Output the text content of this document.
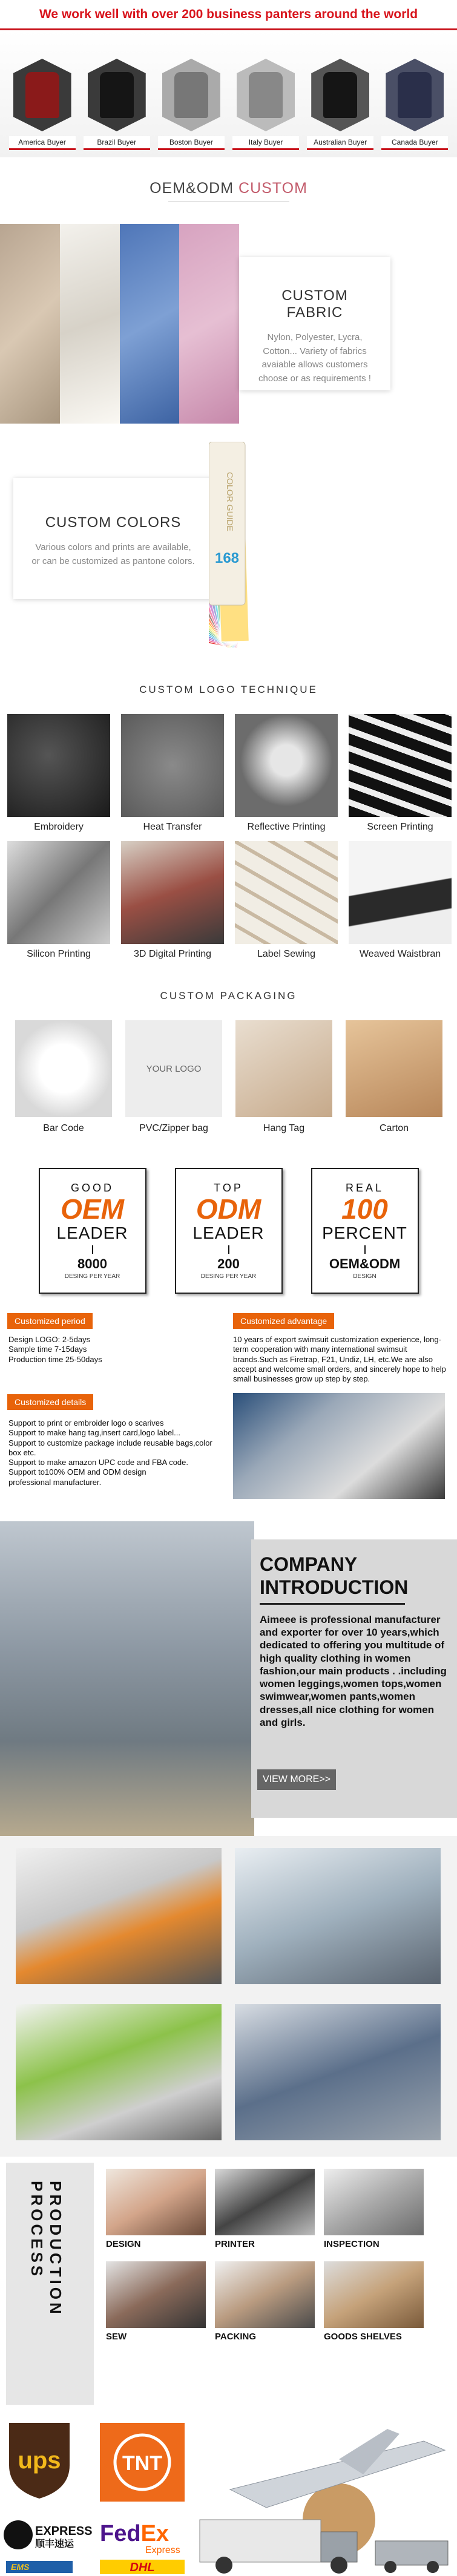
We work well with over 200 business panters around the world
America Buyer	Brazil Buyer	Boston Buyer	Italy Buyer	Australian Buyer	Canada Buyer
OEM&ODM CUSTOM
CUSTOM FABRIC

Nylon, Polyester, Lycra, Cotton... Variety of fabrics avaiable allows customers choose or as requirements !

CUSTOM COLORS

Various colors and prints are available, or can be customized as pantone colors.

COLOR GUIDE
168
CUSTOM LOGO TECHNIQUE
Embroidery	Heat Transfer	Reflective Printing	Screen Printing
Silicon Printing	3D Digital Printing	Label Sewing	Weaved Waistbran
CUSTOM PACKAGING
Bar Code
YOUR LOGO
PVC/Zipper bag	Hang Tag	Carton
GOOD
OEM
LEADER
8000
DESING PER YEAR
TOP
ODM
LEADER
200
DESING PER YEAR
REAL
100
PERCENT
OEM&ODM
DESIGN
Customized period
Design LOGO: 2-5days
Sample time 7-15days
Production time 25-50days
Customized advantage
10 years of export swimsuit customization experience, long-term cooperation with many international swimsuit brands.Such as Firetrap, F21, Undiz, LH, etc.We are also accept and welcome small orders, and sincerely hope to help small businesses grow up step by step.
Customized details
Support to print or embroider logo o scarives
Support to make hang tag,insert card,logo label...
Support to customize package include reusable bags,color box etc.
Support to make amazon UPC code and FBA code.
Support to100% OEM and ODM design
professional manufacturer.
COMPANY
INTRODUCTION

Aimeee is professional manufacturer and exporter for over 10 years,which dedicated to offering you multitude of high quality clothing in women fashion,our main products . .including women leggings,women tops,women swimwear,women pants,women dresses,all nice clothing for women and girls.

VIEW MORE>>
PRODUCTION PROCESS	DESIGN	PRINTER	INSPECTION
SEW	PACKING	GOODS SHELVES
ups	TNT
EXPRESS
顺丰速运 FedEx
Express
EMS	DHL
